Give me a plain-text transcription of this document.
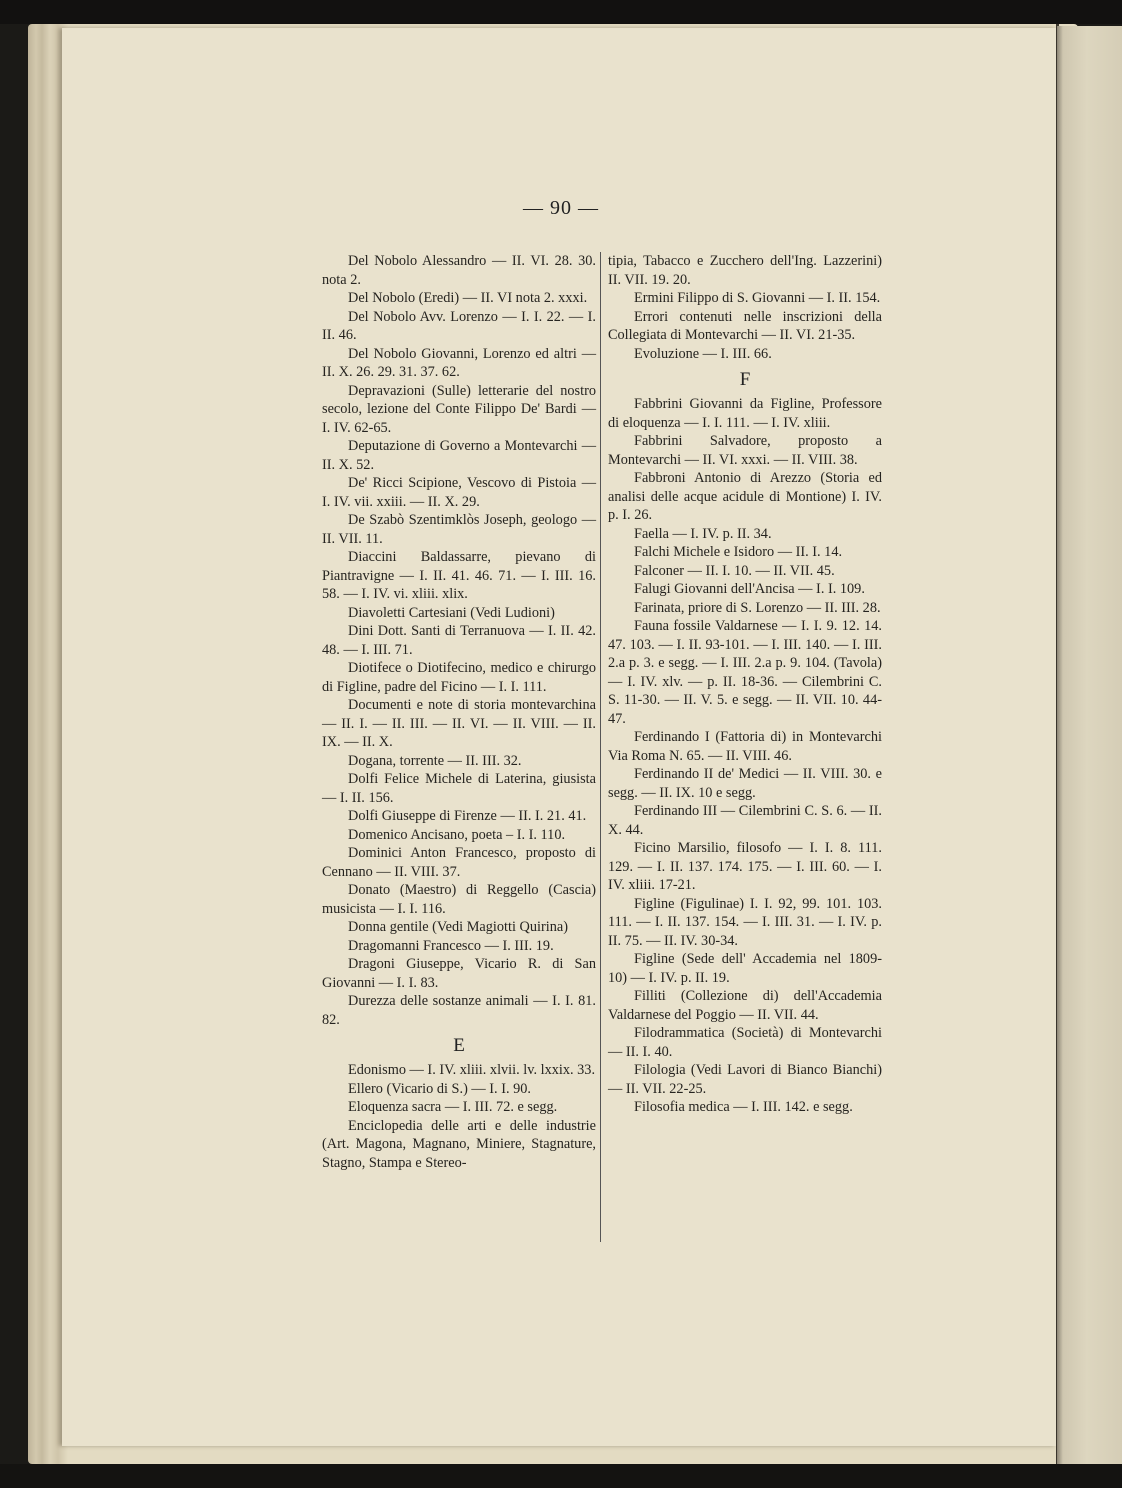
— 90 —

Del Nobolo Alessandro — II. VI. 28. 30. nota 2.

Del Nobolo (Eredi) — II. VI nota 2. xxxi.

Del Nobolo Avv. Lorenzo — I. I. 22. — I. II. 46.

Del Nobolo Giovanni, Lorenzo ed altri — II. X. 26. 29. 31. 37. 62.

Depravazioni (Sulle) letterarie del nostro secolo, lezione del Conte Filippo De' Bardi — I. IV. 62-65.

Deputazione di Governo a Montevarchi — II. X. 52.

De' Ricci Scipione, Vescovo di Pistoia — I. IV. vii. xxiii. — II. X. 29.

De Szabò Szentimklòs Joseph, geologo — II. VII. 11.

Diaccini Baldassarre, pievano di Piantravigne — I. II. 41. 46. 71. — I. III. 16. 58. — I. IV. vi. xliii. xlix.

Diavoletti Cartesiani (Vedi Ludioni)

Dini Dott. Santi di Terranuova — I. II. 42. 48. — I. III. 71.

Diotifece o Diotifecino, medico e chirurgo di Figline, padre del Ficino — I. I. 111.

Documenti e note di storia montevarchina — II. I. — II. III. — II. VI. — II. VIII. — II. IX. — II. X.

Dogana, torrente — II. III. 32.

Dolfi Felice Michele di Laterina, giusista — I. II. 156.

Dolfi Giuseppe di Firenze — II. I. 21. 41.

Domenico Ancisano, poeta – I. I. 110.

Dominici Anton Francesco, proposto di Cennano — II. VIII. 37.

Donato (Maestro) di Reggello (Cascia) musicista — I. I. 116.

Donna gentile (Vedi Magiotti Quirina)

Dragomanni Francesco — I. III. 19.

Dragoni Giuseppe, Vicario R. di San Giovanni — I. I. 83.

Durezza delle sostanze animali — I. I. 81. 82.

E

Edonismo — I. IV. xliii. xlvii. lv. lxxix. 33.

Ellero (Vicario di S.) — I. I. 90.

Eloquenza sacra — I. III. 72. e segg.

Enciclopedia delle arti e delle industrie (Art. Magona, Magnano, Miniere, Stagnature, Stagno, Stampa e Stereo-

tipia, Tabacco e Zucchero dell'Ing. Lazzerini) II. VII. 19. 20.

Ermini Filippo di S. Giovanni — I. II. 154.

Errori contenuti nelle inscrizioni della Collegiata di Montevarchi — II. VI. 21-35.

Evoluzione — I. III. 66.

F

Fabbrini Giovanni da Figline, Professore di eloquenza — I. I. 111. — I. IV. xliii.

Fabbrini Salvadore, proposto a Montevarchi — II. VI. xxxi. — II. VIII. 38.

Fabbroni Antonio di Arezzo (Storia ed analisi delle acque acidule di Montione) I. IV. p. I. 26.

Faella — I. IV. p. II. 34.

Falchi Michele e Isidoro — II. I. 14.

Falconer — II. I. 10. — II. VII. 45.

Falugi Giovanni dell'Ancisa — I. I. 109.

Farinata, priore di S. Lorenzo — II. III. 28.

Fauna fossile Valdarnese — I. I. 9. 12. 14. 47. 103. — I. II. 93-101. — I. III. 140. — I. III. 2.a p. 3. e segg. — I. III. 2.a p. 9. 104. (Tavola) — I. IV. xlv. — p. II. 18-36. — Cilembrini C. S. 11-30. — II. V. 5. e segg. — II. VII. 10. 44-47.

Ferdinando I (Fattoria di) in Montevarchi Via Roma N. 65. — II. VIII. 46.

Ferdinando II de' Medici — II. VIII. 30. e segg. — II. IX. 10 e segg.

Ferdinando III — Cilembrini C. S. 6. — II. X. 44.

Ficino Marsilio, filosofo — I. I. 8. 111. 129. — I. II. 137. 174. 175. — I. III. 60. — I. IV. xliii. 17-21.

Figline (Figulinae) I. I. 92, 99. 101. 103. 111. — I. II. 137. 154. — I. III. 31. — I. IV. p. II. 75. — II. IV. 30-34.

Figline (Sede dell' Accademia nel 1809-10) — I. IV. p. II. 19.

Filliti (Collezione di) dell'Accademia Valdarnese del Poggio — II. VII. 44.

Filodrammatica (Società) di Montevarchi — II. I. 40.

Filologia (Vedi Lavori di Bianco Bianchi) — II. VII. 22-25.

Filosofia medica — I. III. 142. e segg.
